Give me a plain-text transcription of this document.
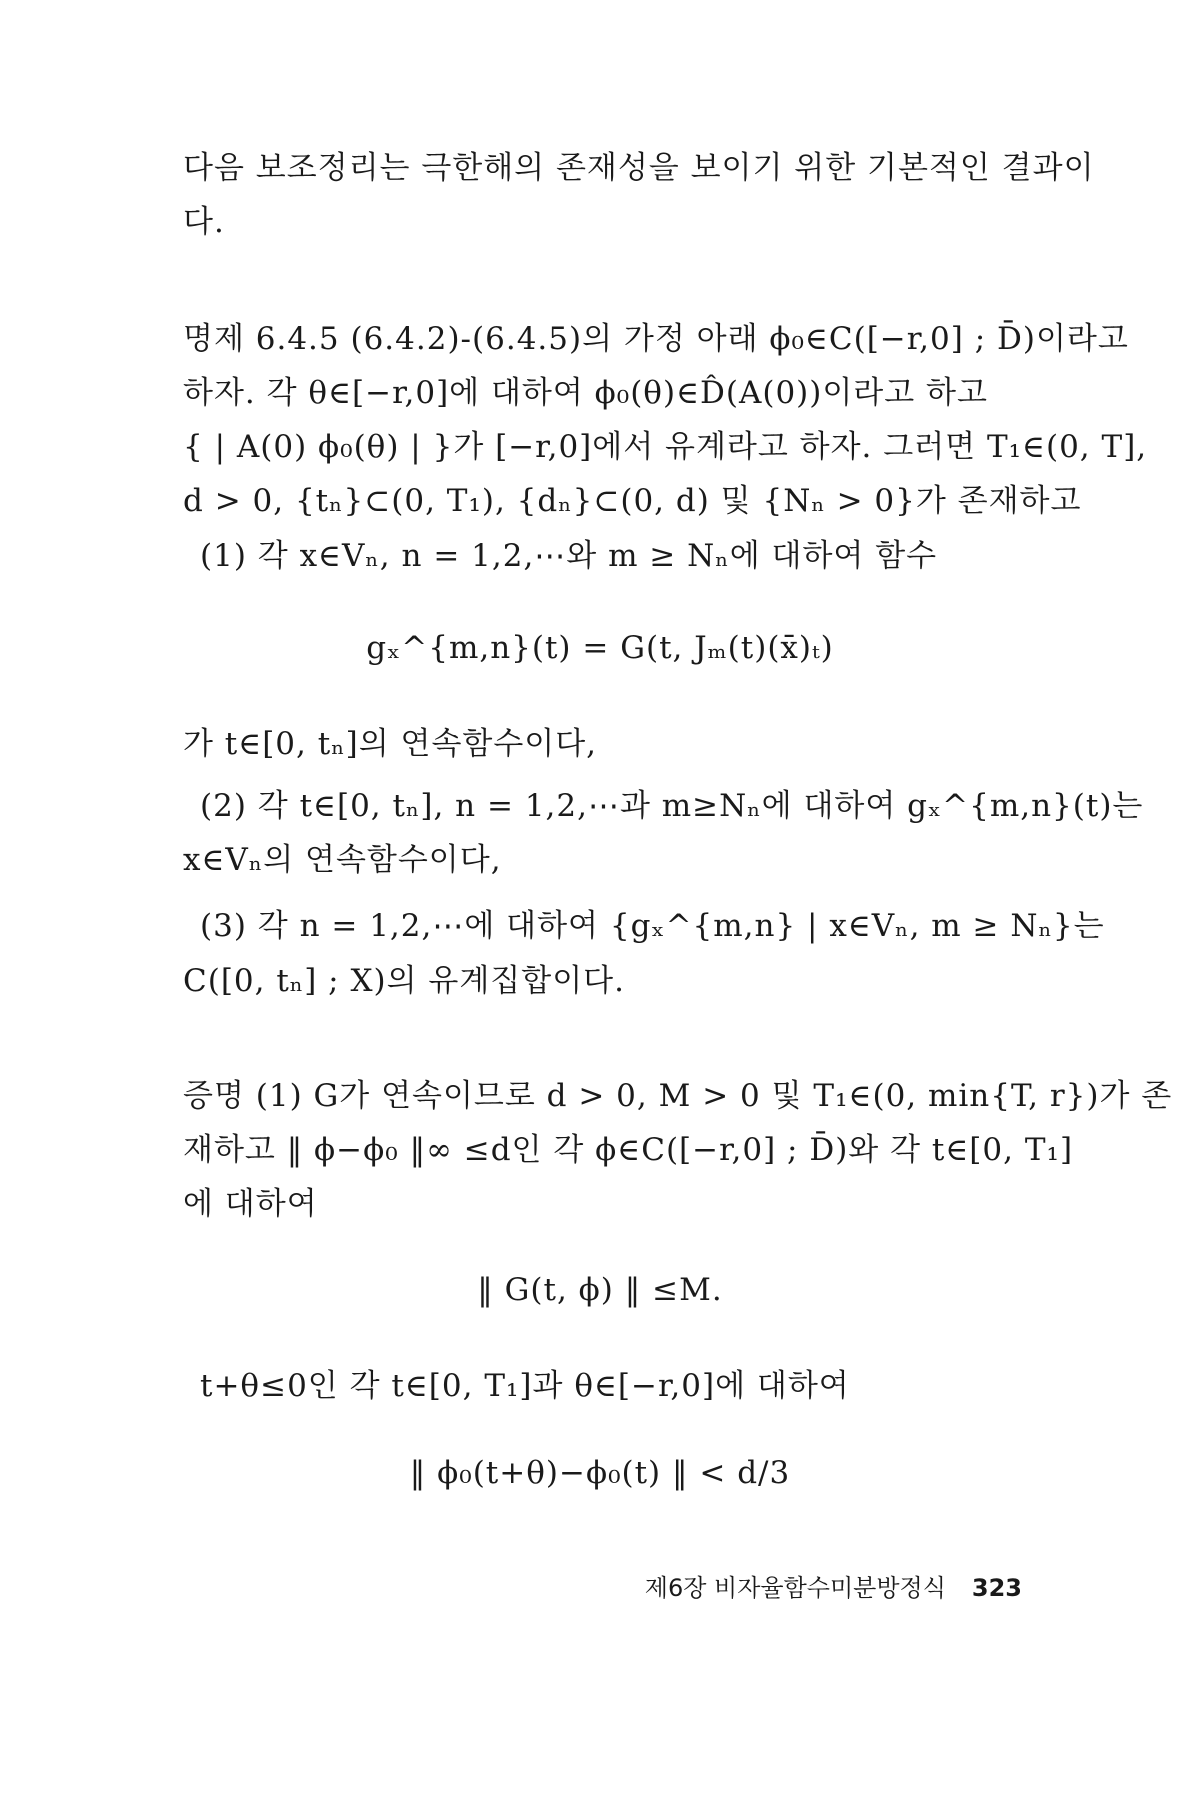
다음 보조정리는 극한해의 존재성을 보이기 위한 기본적인 결과이
다.
명제 6.4.5 (6.4.2)-(6.4.5)의 가정 아래 ϕ₀∈C([−r,0] ; D̄)이라고
하자. 각 θ∈[−r,0]에 대하여 ϕ₀(θ)∈D̂(A(0))이라고 하고
{ | A(0) ϕ₀(θ) | }가 [−r,0]에서 유계라고 하자. 그러면 T₁∈(0, T],
d > 0, {tₙ}⊂(0, T₁), {dₙ}⊂(0, d) 및 {Nₙ > 0}가 존재하고
(1) 각 x∈Vₙ, n = 1,2,⋯와 m ≥ Nₙ에 대하여 함수
gₓ^{m,n}(t) = G(t, Jₘ(t)(x̄)ₜ)
가 t∈[0, tₙ]의 연속함수이다,
(2) 각 t∈[0, tₙ], n = 1,2,⋯과 m≥Nₙ에 대하여 gₓ^{m,n}(t)는
x∈Vₙ의 연속함수이다,
(3) 각 n = 1,2,⋯에 대하여 {gₓ^{m,n} | x∈Vₙ, m ≥ Nₙ}는
C([0, tₙ] ; X)의 유계집합이다.
증명 (1) G가 연속이므로 d > 0, M > 0 및 T₁∈(0, min{T, r})가 존
재하고 ‖ ϕ−ϕ₀ ‖∞ ≤d인 각 ϕ∈C([−r,0] ; D̄)와 각 t∈[0, T₁]
에 대하여
‖ G(t, ϕ) ‖ ≤M.
t+θ≤0인 각 t∈[0, T₁]과 θ∈[−r,0]에 대하여
‖ ϕ₀(t+θ)−ϕ₀(t) ‖ < d/3
제6장 비자율함수미분방정식 323
